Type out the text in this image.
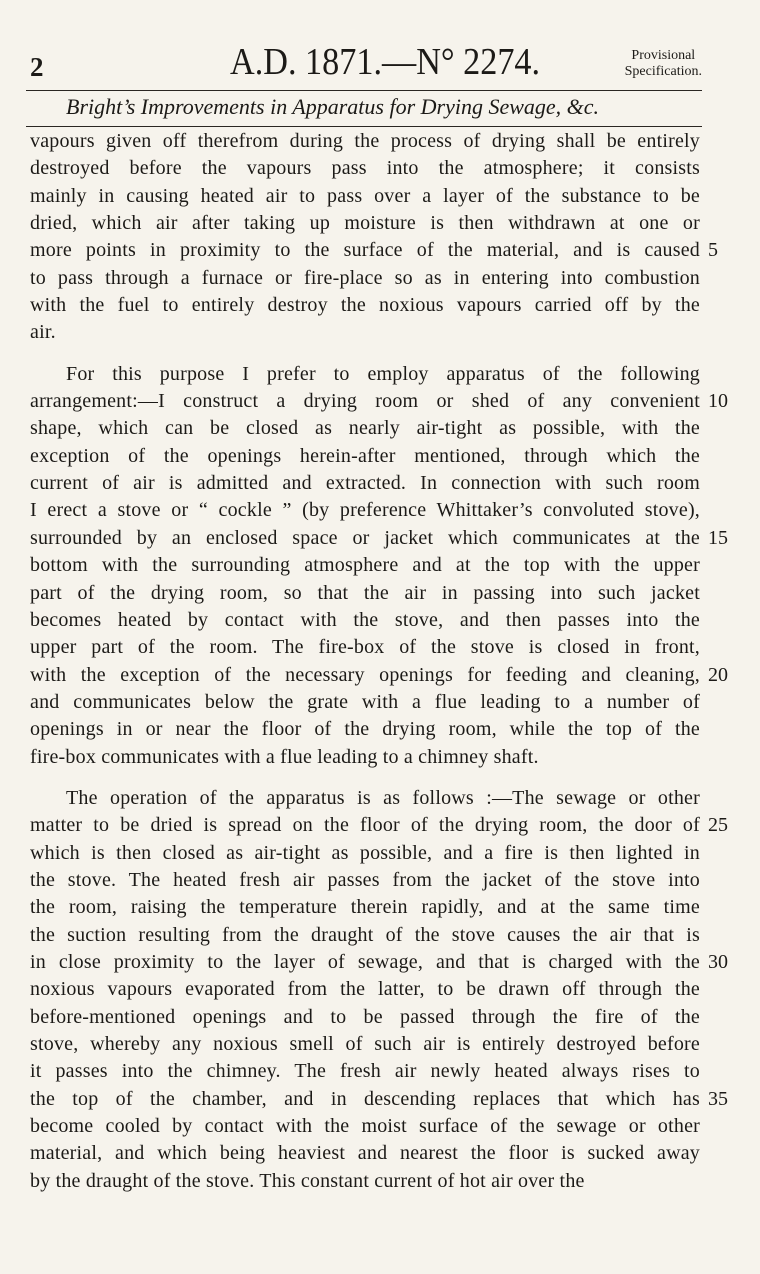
2	A.D. 1871.—N° 2274.	Provisional
Specification.
Bright’s Improvements in Apparatus for Drying Sewage, &c.
vapours given off therefrom during the process of drying shall be entirely
destroyed before the vapours pass into the atmosphere; it consists
mainly in causing heated air to pass over a layer of the substance to be
dried, which air after taking up moisture is then withdrawn at one or
more points in proximity to the surface of the material, and is caused
to pass through a furnace or fire-place so as in entering into combustion
with the fuel to entirely destroy the noxious vapours carried off by the
air.
For this purpose I prefer to employ apparatus of the following
arrangement:—I construct a drying room or shed of any convenient
shape, which can be closed as nearly air-tight as possible, with the
exception of the openings herein-after mentioned, through which the
current of air is admitted and extracted. In connection with such room
I erect a stove or “ cockle ” (by preference Whittaker’s convoluted stove),
surrounded by an enclosed space or jacket which communicates at the
bottom with the surrounding atmosphere and at the top with the upper
part of the drying room, so that the air in passing into such jacket
becomes heated by contact with the stove, and then passes into the
upper part of the room. The fire-box of the stove is closed in front,
with the exception of the necessary openings for feeding and cleaning,
and communicates below the grate with a flue leading to a number of
openings in or near the floor of the drying room, while the top of the
fire-box communicates with a flue leading to a chimney shaft.
The operation of the apparatus is as follows :—The sewage or other
matter to be dried is spread on the floor of the drying room, the door of
which is then closed as air-tight as possible, and a fire is then lighted in
the stove. The heated fresh air passes from the jacket of the stove into
the room, raising the temperature therein rapidly, and at the same time
the suction resulting from the draught of the stove causes the air that is
in close proximity to the layer of sewage, and that is charged with the
noxious vapours evaporated from the latter, to be drawn off through the
before-mentioned openings and to be passed through the fire of the
stove, whereby any noxious smell of such air is entirely destroyed before
it passes into the chimney. The fresh air newly heated always rises to
the top of the chamber, and in descending replaces that which has
become cooled by contact with the moist surface of the sewage or other
material, and which being heaviest and nearest the floor is sucked away
by the draught of the stove. This constant current of hot air over the
5
10
15
20
25
30
35
